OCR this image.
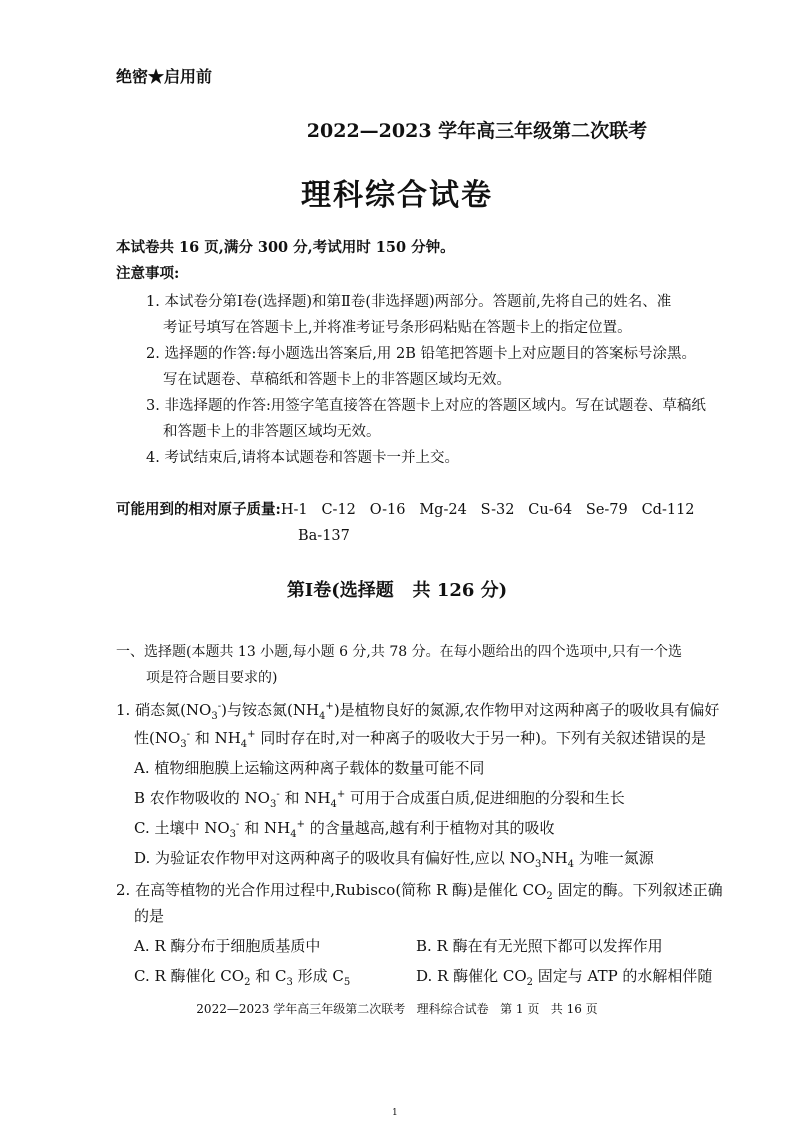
绝密★启用前
2022—2023 学年高三年级第二次联考
理科综合试卷
本试卷共 16 页,满分 300 分,考试用时 150 分钟。
注意事项:
1. 本试卷分第Ⅰ卷(选择题)和第Ⅱ卷(非选择题)两部分。答题前,先将自己的姓名、准
考证号填写在答题卡上,并将准考证号条形码粘贴在答题卡上的指定位置。
2. 选择题的作答:每小题选出答案后,用 2B 铅笔把答题卡上对应题目的答案标号涂黑。
写在试题卷、草稿纸和答题卡上的非答题区域均无效。
3. 非选择题的作答:用签字笔直接答在答题卡上对应的答题区域内。写在试题卷、草稿纸
和答题卡上的非答题区域均无效。
4. 考试结束后,请将本试题卷和答题卡一并上交。
可能用到的相对原子质量:H-1   C-12   O-16   Mg-24   S-32   Cu-64   Se-79   Cd-112
Ba-137
第Ⅰ卷(选择题   共 126 分)
一、选择题(本题共 13 小题,每小题 6 分,共 78 分。在每小题给出的四个选项中,只有一个选
项是符合题目要求的)
1. 硝态氮$(NO_3^-)$与铵态氮$(NH_4^+)$是植物良好的氮源,农作物甲对这两种离子的吸收具有偏好
性($NO_3^-$ 和 $NH_4^+$ 同时存在时,对一种离子的吸收大于另一种)。下列有关叙述错误的是
A. 植物细胞膜上运输这两种离子载体的数量可能不同
B 农作物吸收的 $NO_3^-$ 和 $NH_4^+$ 可用于合成蛋白质,促进细胞的分裂和生长
C. 土壤中 $NO_3^-$ 和 $NH_4^+$ 的含量越高,越有利于植物对其的吸收
D. 为验证农作物甲对这两种离子的吸收具有偏好性,应以 $NO_3NH_4$ 为唯一氮源
2. 在高等植物的光合作用过程中,Rubisco(简称 R 酶)是催化 $CO_2$ 固定的酶。下列叙述正确
的是
A. R 酶分布于细胞质基质中	B. R 酶在有无光照下都可以发挥作用
C. R 酶催化 $CO_2$ 和 $C_3$ 形成 $C_5$	D. R 酶催化 $CO_2$ 固定与 ATP 的水解相伴随
2022—2023 学年高三年级第二次联考   理科综合试卷   第 1 页   共 16 页
1
